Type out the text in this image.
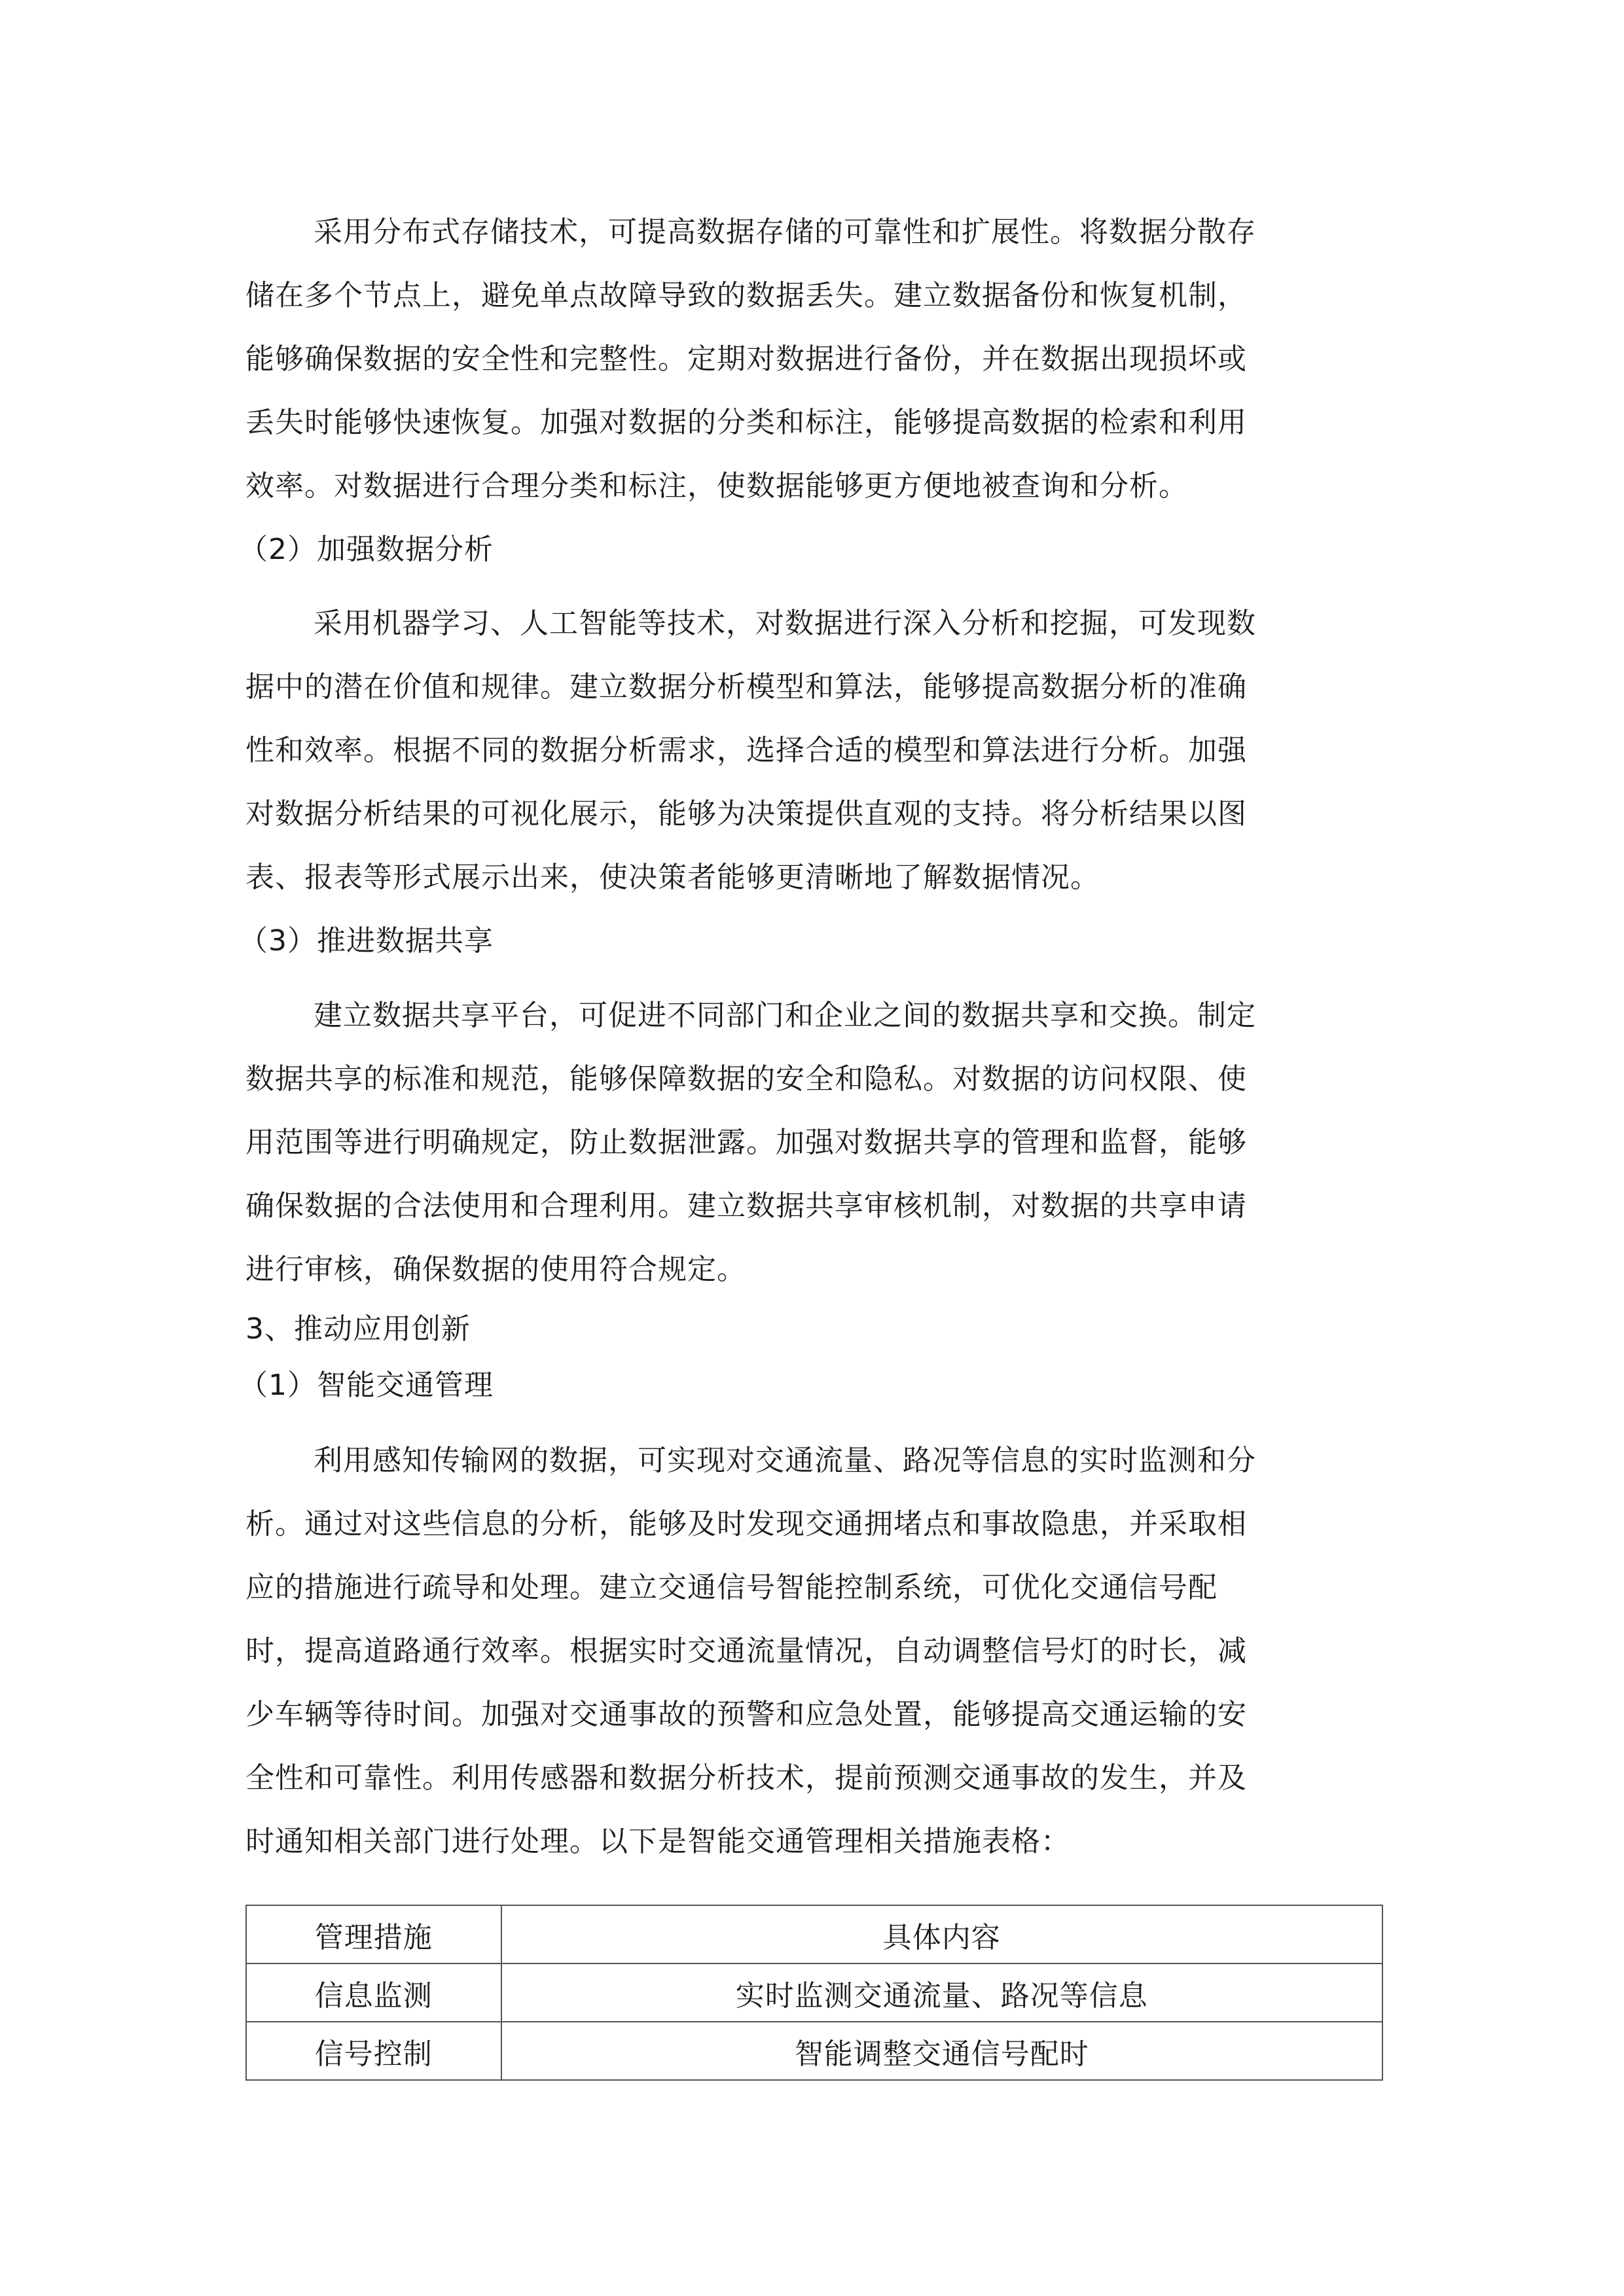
采用分布式存储技术，可提高数据存储的可靠性和扩展性。将数据分散存
储在多个节点上，避免单点故障导致的数据丢失。建立数据备份和恢复机制，
能够确保数据的安全性和完整性。定期对数据进行备份，并在数据出现损坏或
丢失时能够快速恢复。加强对数据的分类和标注，能够提高数据的检索和利用
效率。对数据进行合理分类和标注，使数据能够更方便地被查询和分析。
（2）加强数据分析
采用机器学习、人工智能等技术，对数据进行深入分析和挖掘，可发现数
据中的潜在价值和规律。建立数据分析模型和算法，能够提高数据分析的准确
性和效率。根据不同的数据分析需求，选择合适的模型和算法进行分析。加强
对数据分析结果的可视化展示，能够为决策提供直观的支持。将分析结果以图
表、报表等形式展示出来，使决策者能够更清晰地了解数据情况。
（3）推进数据共享
建立数据共享平台，可促进不同部门和企业之间的数据共享和交换。制定
数据共享的标准和规范，能够保障数据的安全和隐私。对数据的访问权限、使
用范围等进行明确规定，防止数据泄露。加强对数据共享的管理和监督，能够
确保数据的合法使用和合理利用。建立数据共享审核机制，对数据的共享申请
进行审核，确保数据的使用符合规定。
3、推动应用创新
（1）智能交通管理
利用感知传输网的数据，可实现对交通流量、路况等信息的实时监测和分
析。通过对这些信息的分析，能够及时发现交通拥堵点和事故隐患，并采取相
应的措施进行疏导和处理。建立交通信号智能控制系统，可优化交通信号配
时，提高道路通行效率。根据实时交通流量情况，自动调整信号灯的时长，减
少车辆等待时间。加强对交通事故的预警和应急处置，能够提高交通运输的安
全性和可靠性。利用传感器和数据分析技术，提前预测交通事故的发生，并及
时通知相关部门进行处理。以下是智能交通管理相关措施表格：
管理措施	具体内容
信息监测	实时监测交通流量、路况等信息
信号控制	智能调整交通信号配时
